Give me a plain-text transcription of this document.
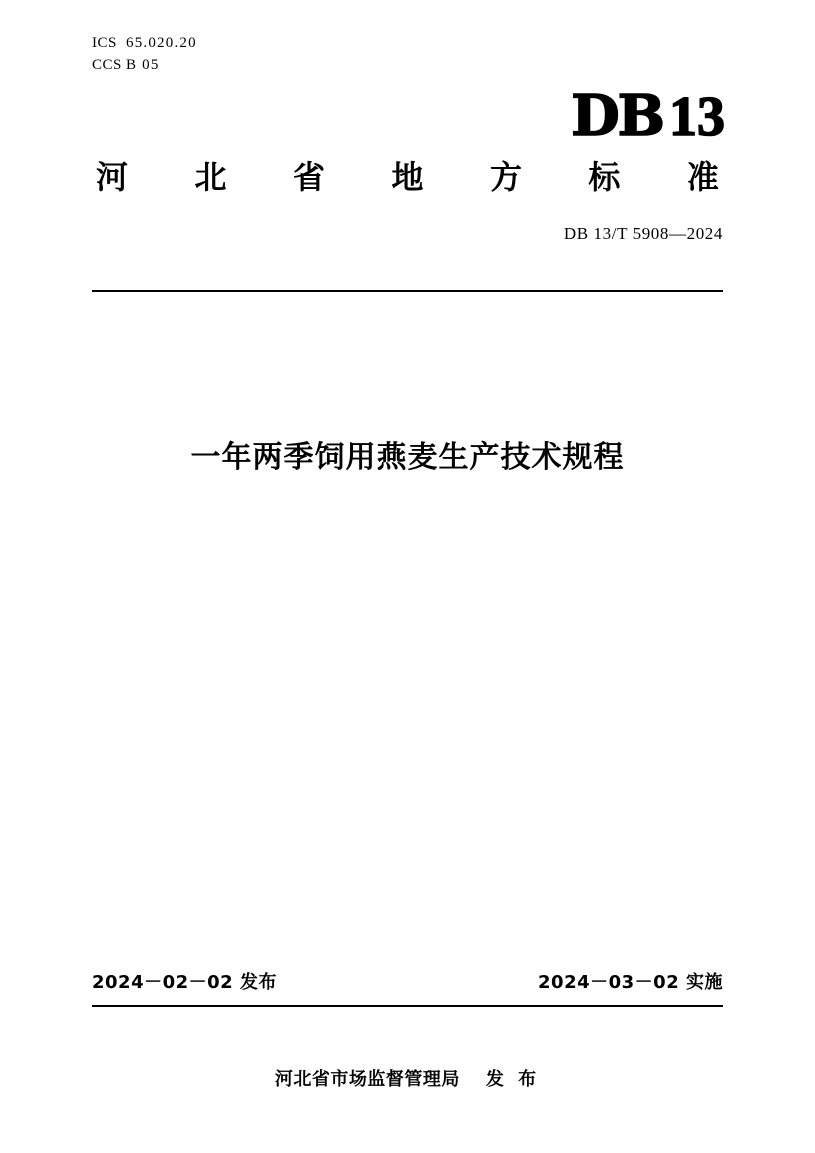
ICS 65.020.20
CCS B 05
DB 13
河 北 省 地 方 标 准
DB 13/T 5908—2024
一年两季饲用燕麦生产技术规程
2024－02－02 发布	2024－03－02 实施
河北省市场监督管理局 发 布
